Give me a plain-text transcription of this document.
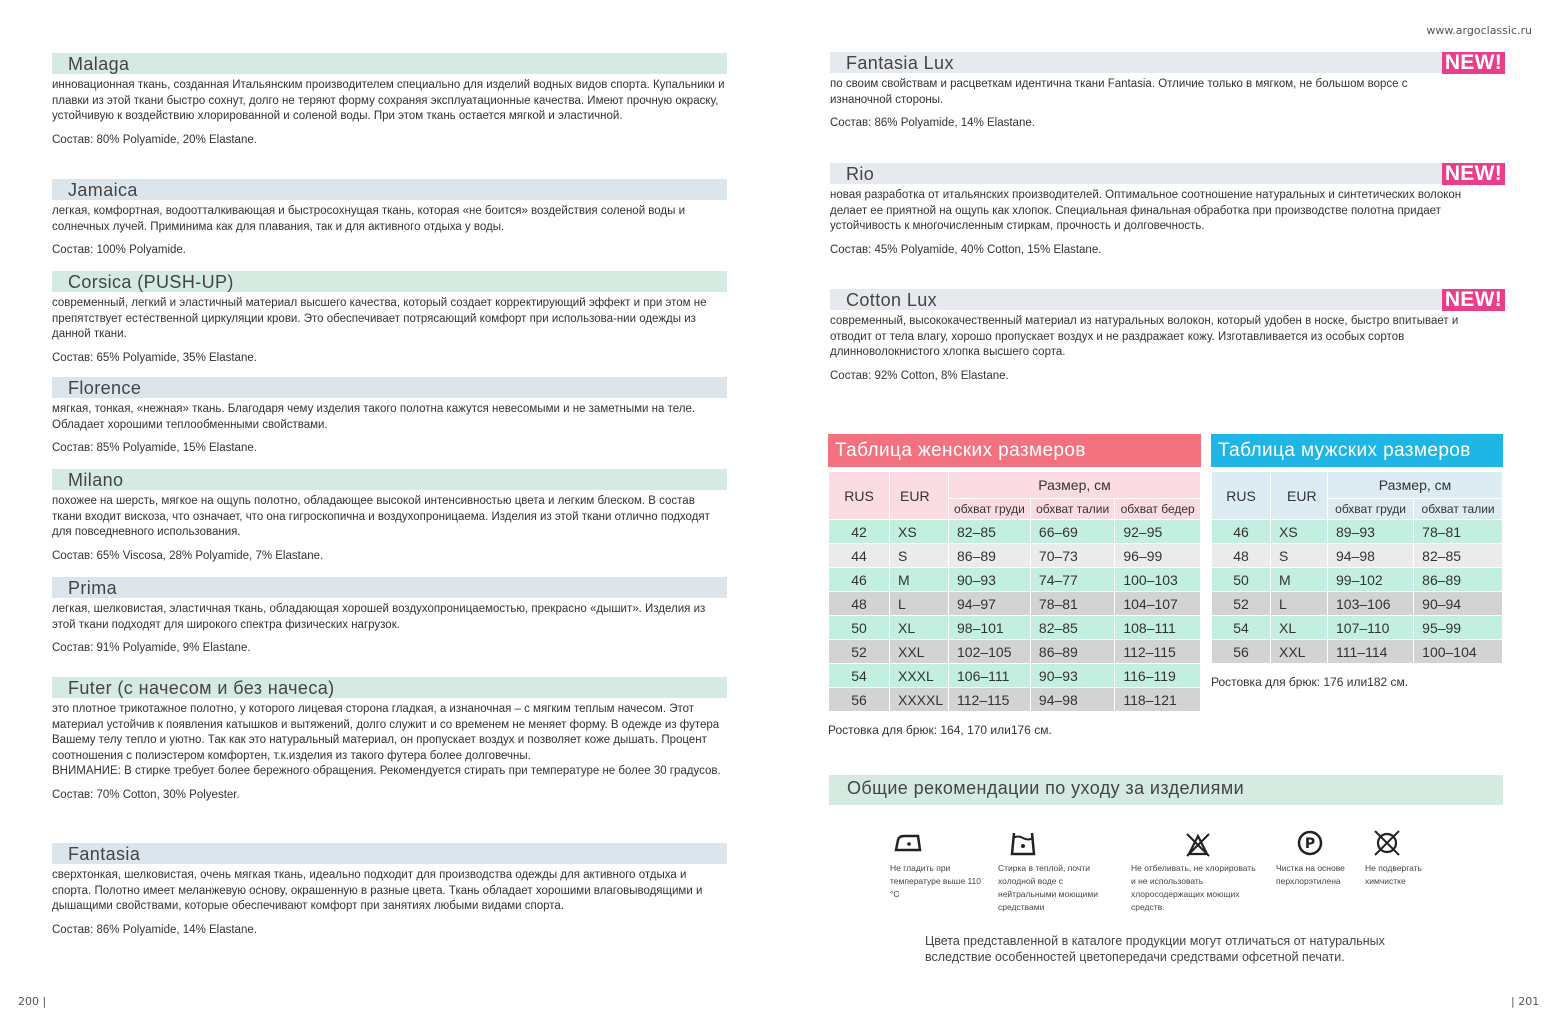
www.argoclassic.ru
Malaga

инновационная ткань, созданная Итальянским производителем специально для изделий водных видов спорта. Купальники и плавки из этой ткани быстро сохнут, долго не теряют форму сохраняя эксплуатационные качества. Имеют прочную окраску, устойчивую к воздействию хлорированной и соленой воды. При этом ткань остается мягкой и эластичной.

Состав: 80% Polyamide, 20% Elastane.

Jamaica

легкая, комфортная, водоотталкивающая и быстросохнущая ткань, которая «не боится» воздействия соленой воды и солнечных лучей. Приминима как для плавания, так и для активного отдыха у воды.

Состав: 100% Polyamide.

Corsica (PUSH-UP)

современный, легкий и эластичный материал высшего качества, который создает корректирующий эффект и при этом не препятствует естественной циркуляции крови. Это обеспечивает потрясающий комфорт при использова-нии одежды из данной ткани.

Состав: 65% Polyamide, 35% Elastane.

Florence

мягкая, тонкая, «нежная» ткань. Благодаря чему изделия такого полотна кажутся невесомыми и не заметными на теле. Обладает хорошими теплообменными свойствами.

Состав: 85% Polyamide, 15% Elastane.

Milano

похожее на шерсть, мягкое на ощупь полотно, обладающее высокой интенсивностью цвета и легким блеском. В состав ткани входит вискоза, что означает, что она гигроскопична и воздухопроницаема. Изделия из этой ткани отлично подходят для повседневного использования.

Состав: 65% Viscosa, 28% Polyamide, 7% Elastane.

Prima

легкая, шелковистая, эластичная ткань, обладающая хорошей воздухопроницаемостью, прекрасно «дышит». Изделия из этой ткани подходят для широкого спектра физических нагрузок.

Состав: 91% Polyamide, 9% Elastane.

Futer (с начесом и без начеса)

это плотное трикотажное полотно, у которого лицевая сторона гладкая, а изнаночная – с мягким теплым начесом. Этот материал устойчив к появления катышков и вытяжений, долго служит и со временем не меняет форму. В одежде из футера Вашему телу тепло и уютно. Так как это натуральный материал, он пропускает воздух и позволяет коже дышать. Процент соотношения с полиэстером комфортен, т.к.изделия из такого футера более долговечны.

ВНИМАНИЕ: В стирке требует более бережного обращения. Рекомендуется стирать при температуре не более 30 градусов.

Состав: 70% Cotton, 30% Polyester.

Fantasia

сверхтонкая, шелковистая, очень мягкая ткань, идеально подходит для производства одежды для активного отдыха и спорта. Полотно имеет меланжевую основу, окрашенную в разные цвета. Ткань обладает хорошими влаговыводящими и дышащими свойствами, которые обеспечивают комфорт при занятиях любыми видами спорта.

Состав: 86% Polyamide, 14% Elastane.

200 |
Fantasia Lux	NEW!

по своим свойствам и расцветкам идентична ткани Fantasia. Отличие только в мягком, не большом ворсе с изнаночной стороны.

Состав: 86% Polyamide, 14% Elastane.

Rio	NEW!

новая разработка от итальянских производителей. Оптимальное соотношение натуральных и синтетических волокон делает ее приятной на ощупь как хлопок. Специальная финальная обработка при производстве полотна придает устойчивость к многочисленным стиркам, прочность и долговечность.

Состав: 45% Polyamide, 40% Cotton, 15% Elastane.

Cotton Lux	NEW!

современный, высококачественный материал из натуральных волокон, который удобен в носке, быстро впитывает и отводит от тела влагу, хорошо пропускает воздух и не раздражает кожу. Изготавливается из особых сортов длинноволокнистого хлопка высшего сорта.

Состав: 92% Cotton, 8% Elastane.

Таблица женских размеров
RUS	EUR	Размер, см		
		обхват груди	обхват талии	обхват бедер
42	XS	82–85	66–69	92–95
44	S	86–89	70–73	96–99
46	M	90–93	74–77	100–103
48	L	94–97	78–81	104–107
50	XL	98–101	82–85	108–111
52	XXL	102–105	86–89	112–115
54	XXXL	106–111	90–93	116–119
56	XXXXL	112–115	94–98	118–121
Ростовка для брюк: 164, 170 или176 см.
Таблица мужских размеров
RUS	EUR	Размер, см	
		обхват груди	обхват талии
46	XS	89–93	78–81
48	S	94–98	82–85
50	M	99–102	86–89
52	L	103–106	90–94
54	XL	107–110	95–99
56	XXL	111–114	100–104
Ростовка для брюк: 176 или182 см.
Общие рекомендации по уходу за изделиями
Не гладить при температуре выше 110 °C
Стирка в теплой, почти холодной воде с нейтральными моющими средствами
Не отбеливать, не хлорировать и не использовать хлоросодержащих моющих средств.
P
Чистка на основе перхлорэтилена
Не подвергать химчистке
Цвета представленной в каталоге продукции могут отличаться от натуральных вследствие особенностей цветопередачи средствами офсетной печати.
| 201
